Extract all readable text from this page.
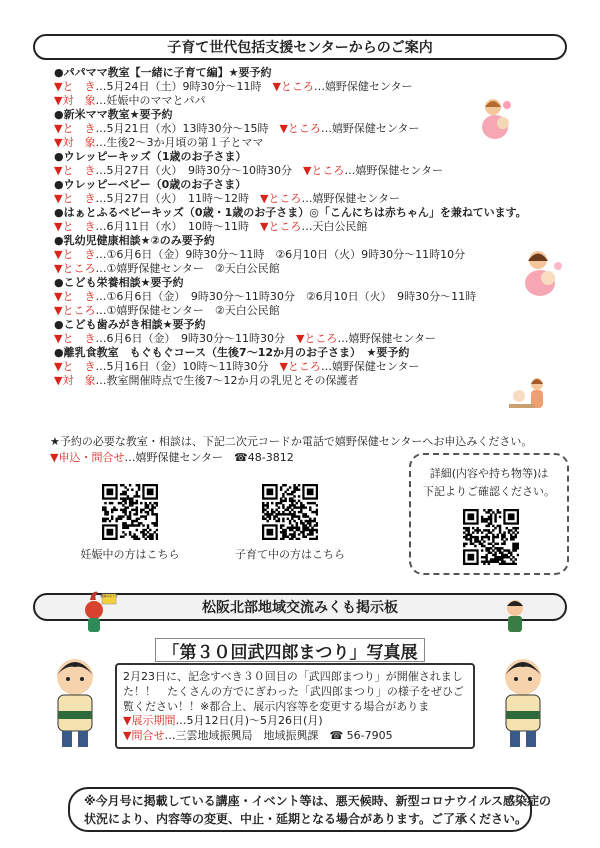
子育て世代包括支援センターからのご案内
●パパママ教室【一緒に子育て編】★要予約
▼と　き…5月24日（土）9時30分～11時　▼ところ…嬉野保健センター
▼対　象…妊娠中のママとパパ
●新米ママ教室★要予約
▼と　き…5月21日（水）13時30分～15時　▼ところ…嬉野保健センター
▼対　象…生後2～3か月頃の第１子とママ
●ウレッピーキッズ（1歳のお子さま）
▼と　き…5月27日（火）　9時30分～10時30分　▼ところ…嬉野保健センター
●ウレッピーベビー（0歳のお子さま）
▼と　き…5月27日（火）　11時～12時　▼ところ…嬉野保健センター
●はぁとふるベビーキッズ（0歳・1歳のお子さま）◎「こんにちは赤ちゃん」を兼ねています。
▼と　き…6月11日（水）　10時～11時　▼ところ…天白公民館
●乳幼児健康相談★②のみ要予約
▼と　き…①6月6日（金）9時30分～11時　②6月10日（火）9時30分～11時10分
▼ところ…①嬉野保健センター　②天白公民館
●こども栄養相談★要予約
▼と　き…①6月6日（金）　9時30分～11時30分　②6月10日（火）　9時30分～11時
▼ところ…①嬉野保健センター　②天白公民館
●こども歯みがき相談★要予約
▼と　き…6月6日（金）　9時30分～11時30分　▼ところ…嬉野保健センター
●離乳食教室　もぐもぐコース（生後7～12か月のお子さま）　★要予約
▼と　き…5月16日（金）10時～11時30分　▼ところ…嬉野保健センター
▼対　象…教室開催時点で生後7～12か月の乳児とその保護者
★予約の必要な教室・相談は、下記二次元コードか電話で嬉野保健センターへお申込みください。
▼申込・問合せ…嬉野保健センター　 ☎48-3812
妊娠中の方はこちら	子育て中の方はこちら
詳細(内容や持ち物等)は
下記よりご確認ください。
松阪北部地域交流みくも掲示板
地域のみくも
「第３０回武四郎まつり」写真展
2月23日に、記念すべき３０回目の「武四郎まつり」が開催されました！！　たくさんの方でにぎわった「武四郎まつり」の様子をぜひご覧ください！！※都合上、展示内容等を変更する場合がありま
▼展示期間…5月12日(月)～5月26日(月)
▼問合せ…三雲地域振興局　地域振興課　☎ 56-7905
※今月号に掲載している講座・イベント等は、悪天候時、新型コロナウイルス感染症の
状況により、内容等の変更、中止・延期となる場合があります。ご了承ください。
